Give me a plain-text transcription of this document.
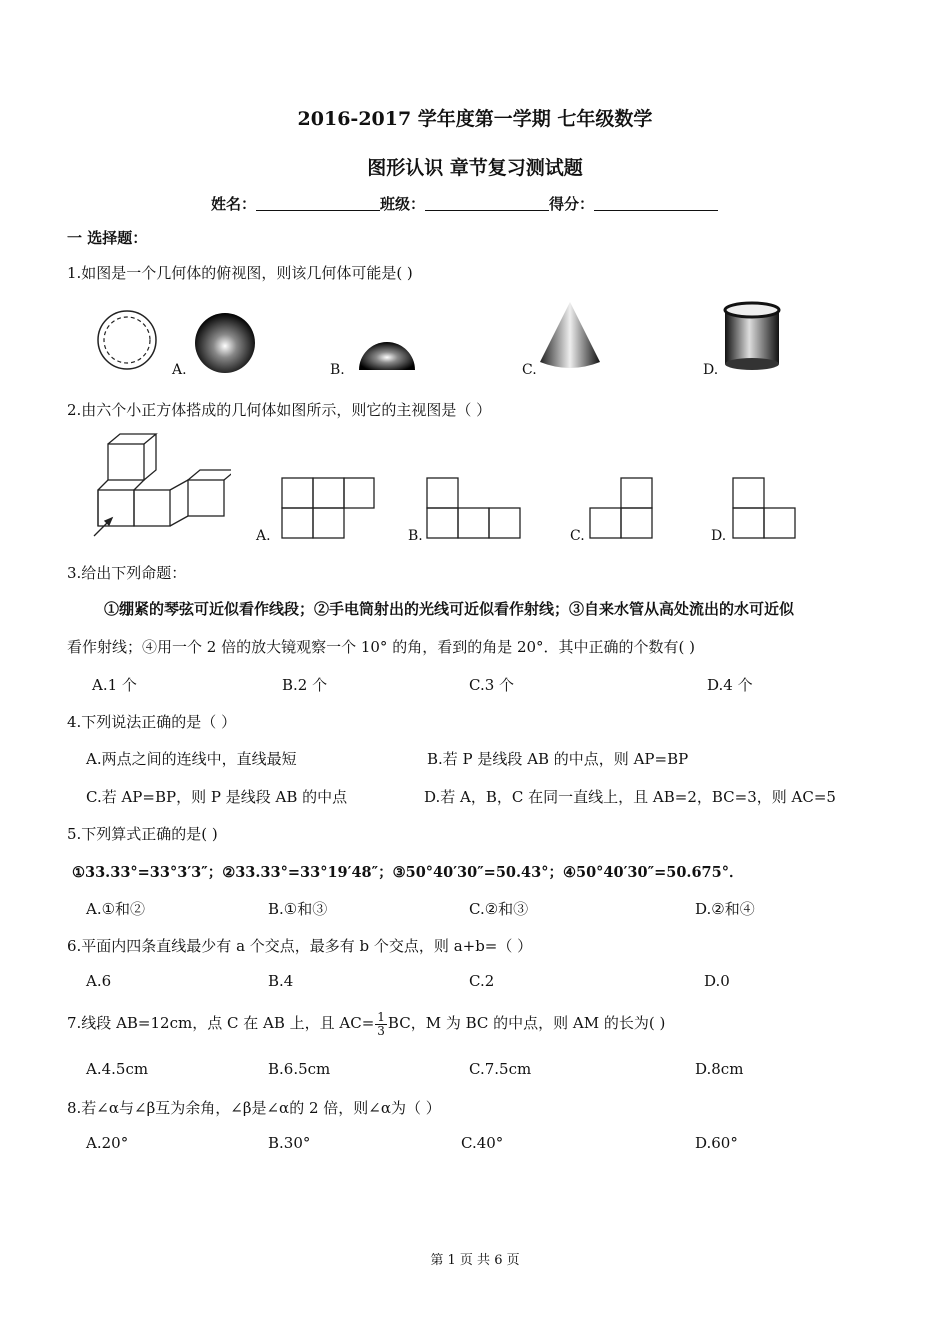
2016-2017 学年度第一学期 七年级数学
图形认识 章节复习测试题
姓名：	班级：	得分：
一 选择题：
1.如图是一个几何体的俯视图，则该几何体可能是( )
A.	B.	C.	D.
2.由六个小正方体搭成的几何体如图所示，则它的主视图是（ ）
A.	B.	C.	D.
3.给出下列命题：
①绷紧的琴弦可近似看作线段；②手电筒射出的光线可近似看作射线；③自来水管从高处流出的水可近似
看作射线；④用一个 2 倍的放大镜观察一个 10° 的角，看到的角是 20°．其中正确的个数有( )
A.1 个	B.2 个	C.3 个	D.4 个
4.下列说法正确的是（ ）
A.两点之间的连线中，直线最短	B.若 P 是线段 AB 的中点，则 AP=BP
C.若 AP=BP，则 P 是线段 AB 的中点	D.若 A，B，C 在同一直线上，且 AB=2，BC=3，则 AC=5
5.下列算式正确的是( )
①33.33°=33°3′3″；②33.33°=33°19′48″；③50°40′30″=50.43°；④50°40′30″=50.675°．
A.①和②	B.①和③	C.②和③	D.②和④
6.平面内四条直线最少有 a 个交点，最多有 b 个交点，则 a+b=（ ）
A.6	B.4	C.2	D.0
7.线段 AB=12cm，点 C 在 AB 上，且 $AC= \frac{1}{3}$ BC，M 为 BC 的中点，则 AM 的长为( )
A.4.5cm	B.6.5cm	C.7.5cm	D.8cm
8.若∠α与∠β互为余角，∠β是∠α的 2 倍，则∠α为（ ）
A.20°	B.30°	C.40°	D.60°
第 1 页 共 6 页
